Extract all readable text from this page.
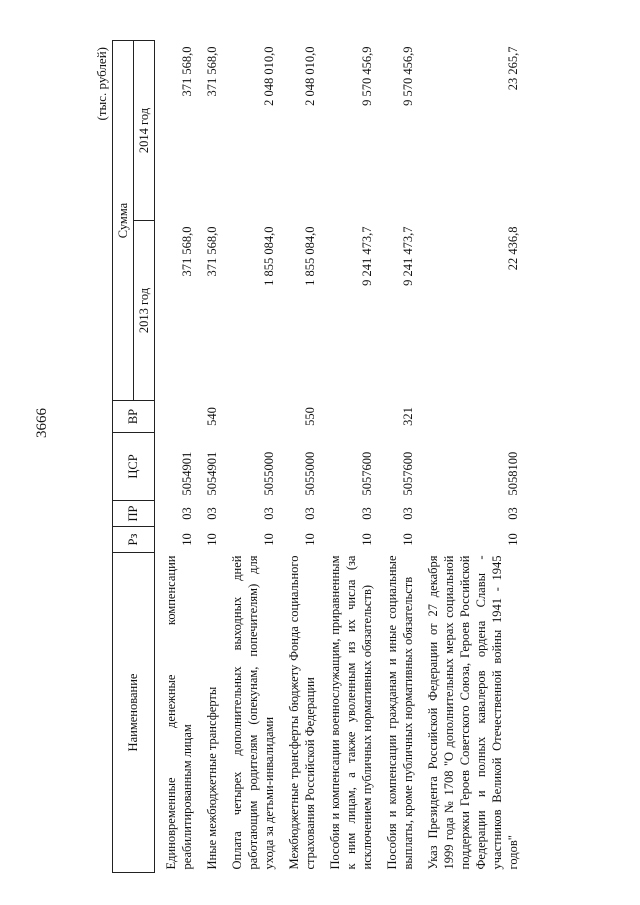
3666
(тыс. рублей)
Наименование	Рз	ПР	ЦСР	ВР	Сумма	
					2013 год	2014 год
Единовременные денежные компенсации реабилитированным лицам	10	03	5054901		371 568,0	371 568,0
Иные межбюджетные трансферты	10	03	5054901	540	371 568,0	371 568,0
Оплата четырех дополнительных выходных дней работающим родителям (опекунам, попечителям) для ухода за детьми-инвалидами	10	03	5055000		1 855 084,0	2 048 010,0
Межбюджетные трансферты бюджету Фонда социального страхования Российской Федерации	10	03	5055000	550	1 855 084,0	2 048 010,0
Пособия и компенсации военнослужащим, приравненным к ним лицам, а также уволенным из их числа (за исключением публичных нормативных обязательств)	10	03	5057600		9 241 473,7	9 570 456,9
Пособия и компенсации гражданам и иные социальные выплаты, кроме публичных нормативных обязательств	10	03	5057600	321	9 241 473,7	9 570 456,9
Указ Президента Российской Федерации от 27 декабря 1999 года № 1708 "О дополнительных мерах социальной поддержки Героев Советского Союза, Героев Российской Федерации и полных кавалеров ордена Славы - участников Великой Отечественной войны 1941 - 1945 годов"	10	03	5058100		22 436,8	23 265,7
